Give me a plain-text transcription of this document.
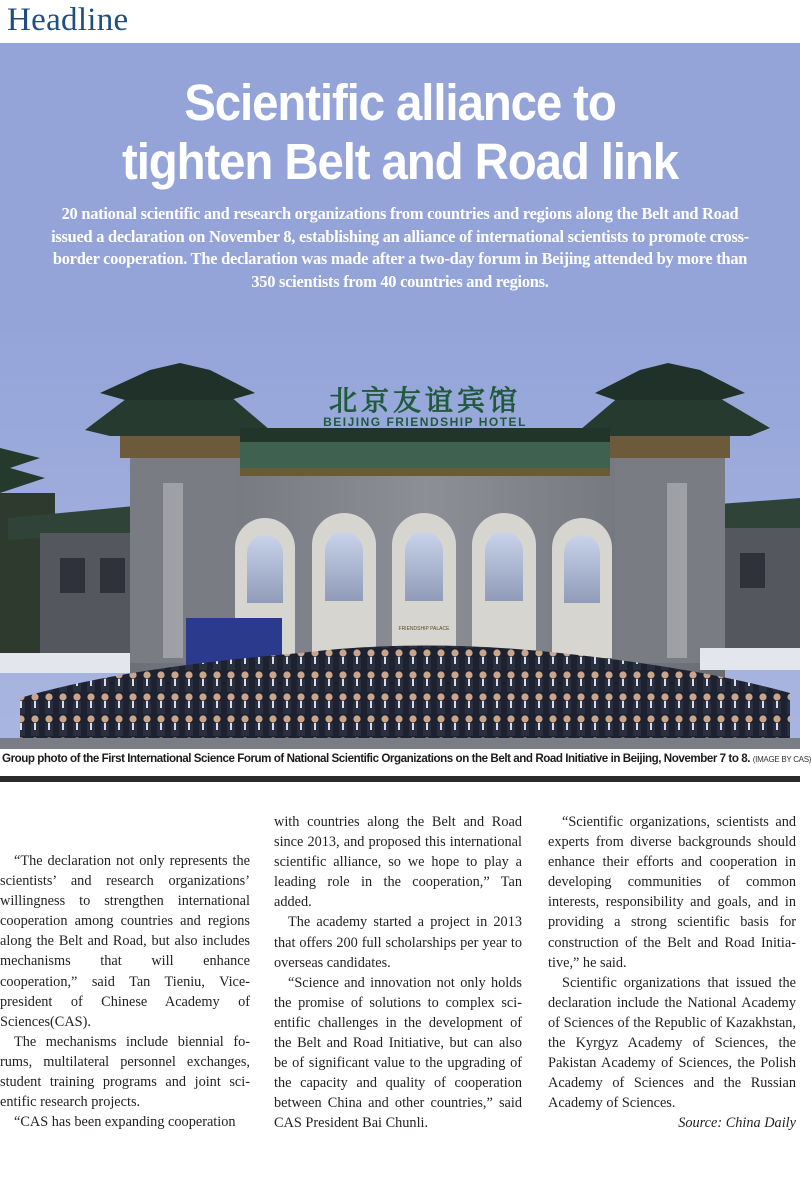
Headline
Scientific alliance to
tighten Belt and Road link
20 national scientific and research organizations from countries and regions along the Belt and Road issued a declaration on November 8, establishing an alliance of international scientists to promote cross-border cooperation. The declaration was made after a two-day forum in Beijing attended by more than 350 scientists from 40 countries and regions.
北京友谊宾馆
BEIJING FRIENDSHIP HOTEL
FRIENDSHIP PALACE
Group photo of the First International Science Forum of National Scientific Organizations on the Belt and Road Initiative in Beijing, November 7 to 8. (IMAGE BY CAS)

“The declaration not only represents the scientists’ and research organizations’ willingness to strengthen international cooperation among countries and regions along the Belt and Road, but also includes mechanisms that will enhance cooperation,” said Tan Tieniu, Vice-president of Chinese Academy of Sciences(CAS).

The mechanisms include biennial forums, multilateral personnel exchanges, student training programs and joint scientific research projects.

“CAS has been expanding cooperation

with countries along the Belt and Road since 2013, and proposed this international scientific alliance, so we hope to play a leading role in the cooperation,” Tan added.

The academy started a project in 2013 that offers 200 full scholarships per year to overseas candidates.

“Science and innovation not only holds the promise of solutions to complex scientific challenges in the development of the Belt and Road Initiative, but can also be of significant value to the upgrading of the capacity and quality of cooperation between China and other countries,” said CAS President Bai Chunli.

“Scientific organizations, scientists and experts from diverse backgrounds should enhance their efforts and cooperation in developing communities of common interests, responsibility and goals, and in providing a strong scientific basis for construction of the Belt and Road Initiative,” he said.

Scientific organizations that issued the declaration include the National Academy of Sciences of the Republic of Kazakhstan, the Kyrgyz Academy of Sciences, the Pakistan Academy of Sciences, the Polish Academy of Sciences and the Russian Academy of Sciences.

Source: China Daily
